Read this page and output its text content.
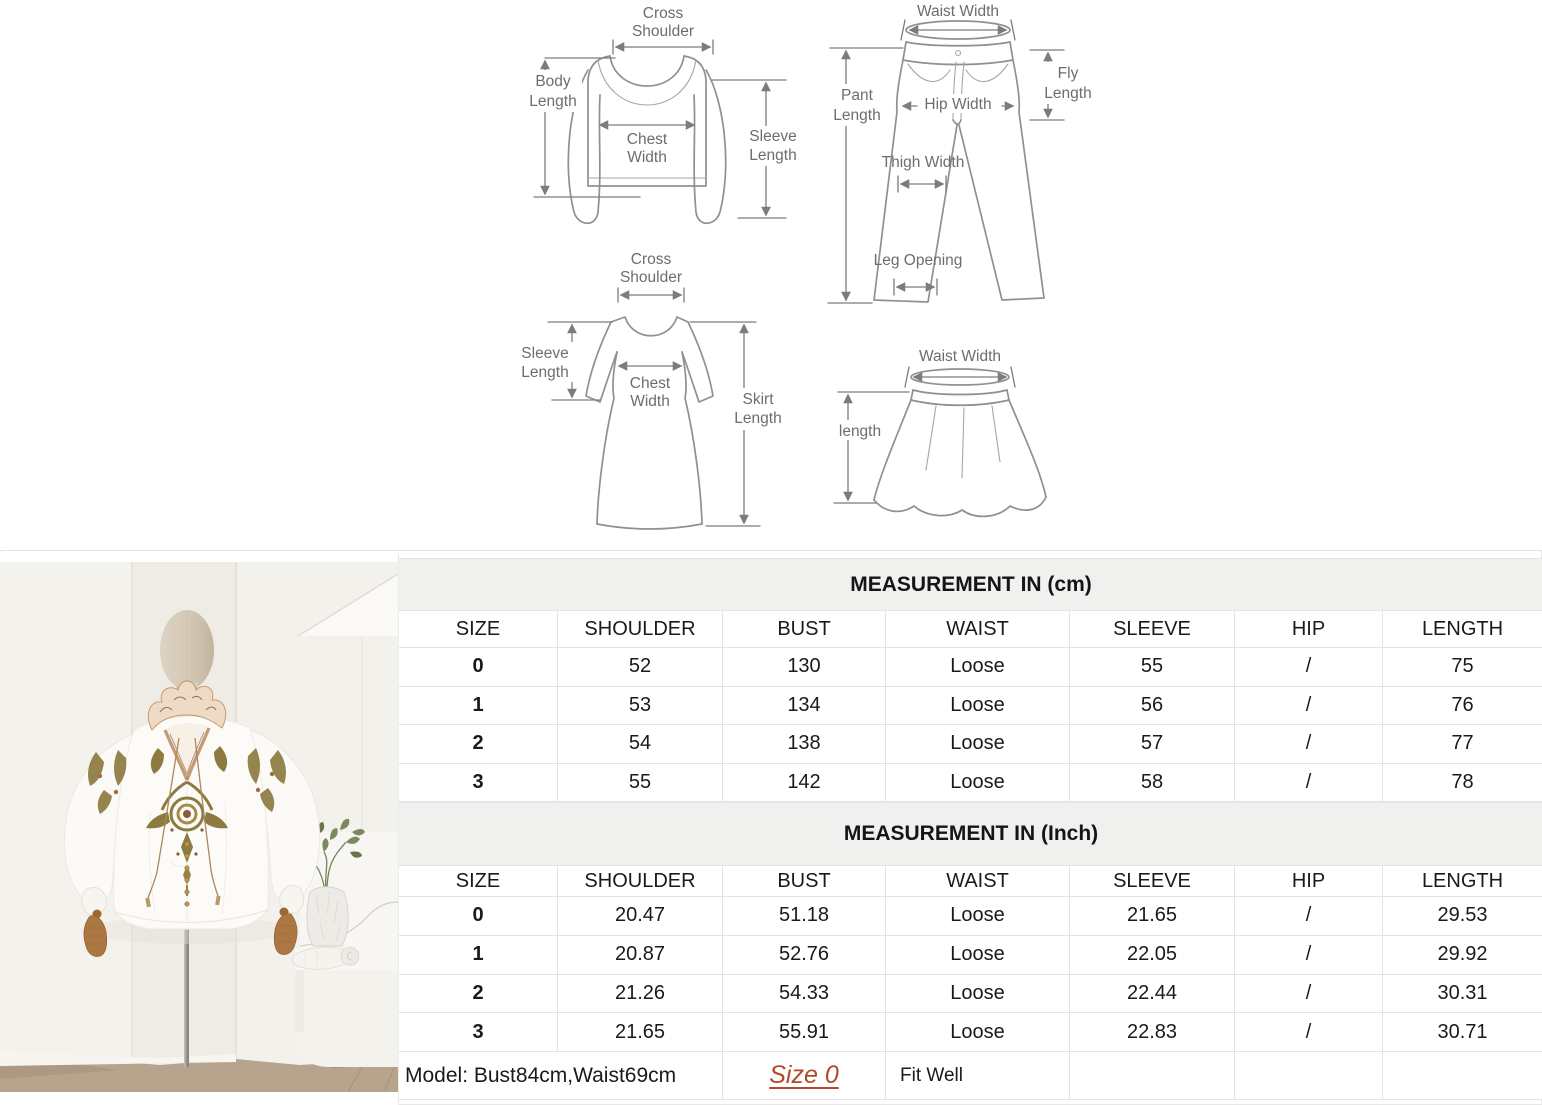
Cross
Shoulder
Body
Length
Chest
Width
Sleeve
Length
Waist Width
Hip Width
Pant
Length
Fly
Length
Thigh Width
Leg Opening
Cross
Shoulder
Sleeve
Length
Chest
Width	Skirt
Length
Waist Width
length
MEASUREMENT IN (cm)
SIZE	SHOULDER	BUST	WAIST	SLEEVE	HIP	LENGTH
0	52	130	Loose	55	/	75
1	53	134	Loose	56	/	76
2	54	138	Loose	57	/	77
3	55	142	Loose	58	/	78
MEASUREMENT IN (Inch)
SIZE	SHOULDER	BUST	WAIST	SLEEVE	HIP	LENGTH
0	20.47	51.18	Loose	21.65	/	29.53
1	20.87	52.76	Loose	22.05	/	29.92
2	21.26	54.33	Loose	22.44	/	30.31
3	21.65	55.91	Loose	22.83	/	30.71
Model: Bust84cm,Waist69cm	Size 0	Fit Well
